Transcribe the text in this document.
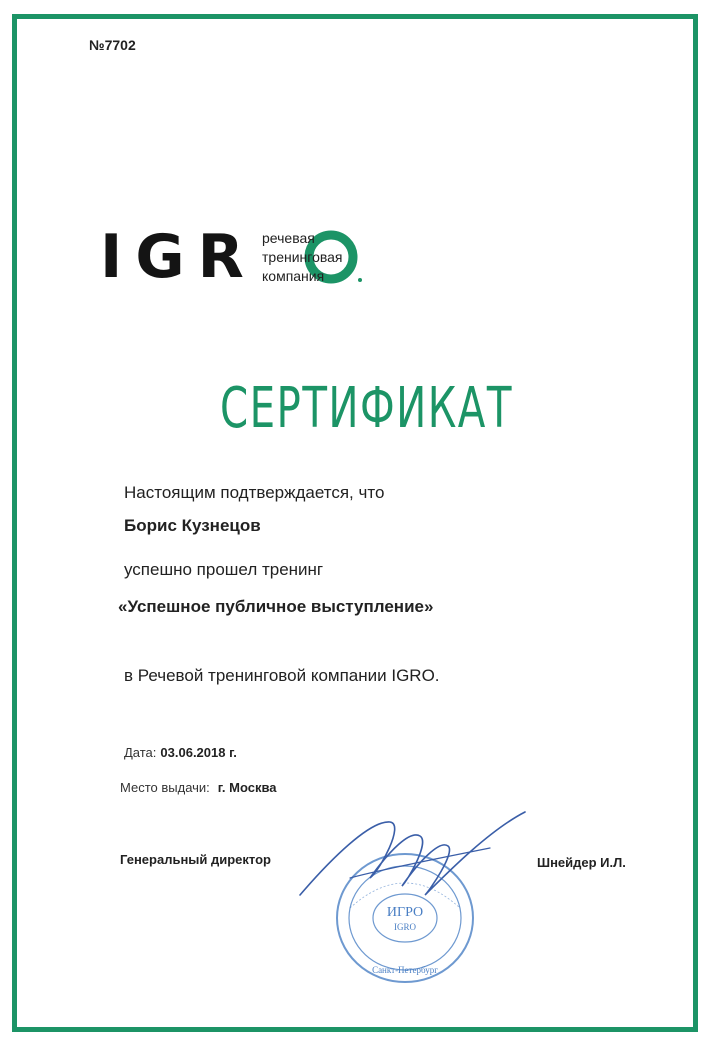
№7702
IGR речевая
тренинговая
компания
СЕРТИФИКАТ
Настоящим подтверждается, что
Борис Кузнецов
успешно прошел тренинг
«Успешное публичное выступление»
в Речевой тренинговой компании IGRO.
Дата: 03.06.2018 г.
Место выдачи: г. Москва
Генеральный директор	Шнейдер И.Л.
ИГРО
IGRO
Санкт-Петербург
